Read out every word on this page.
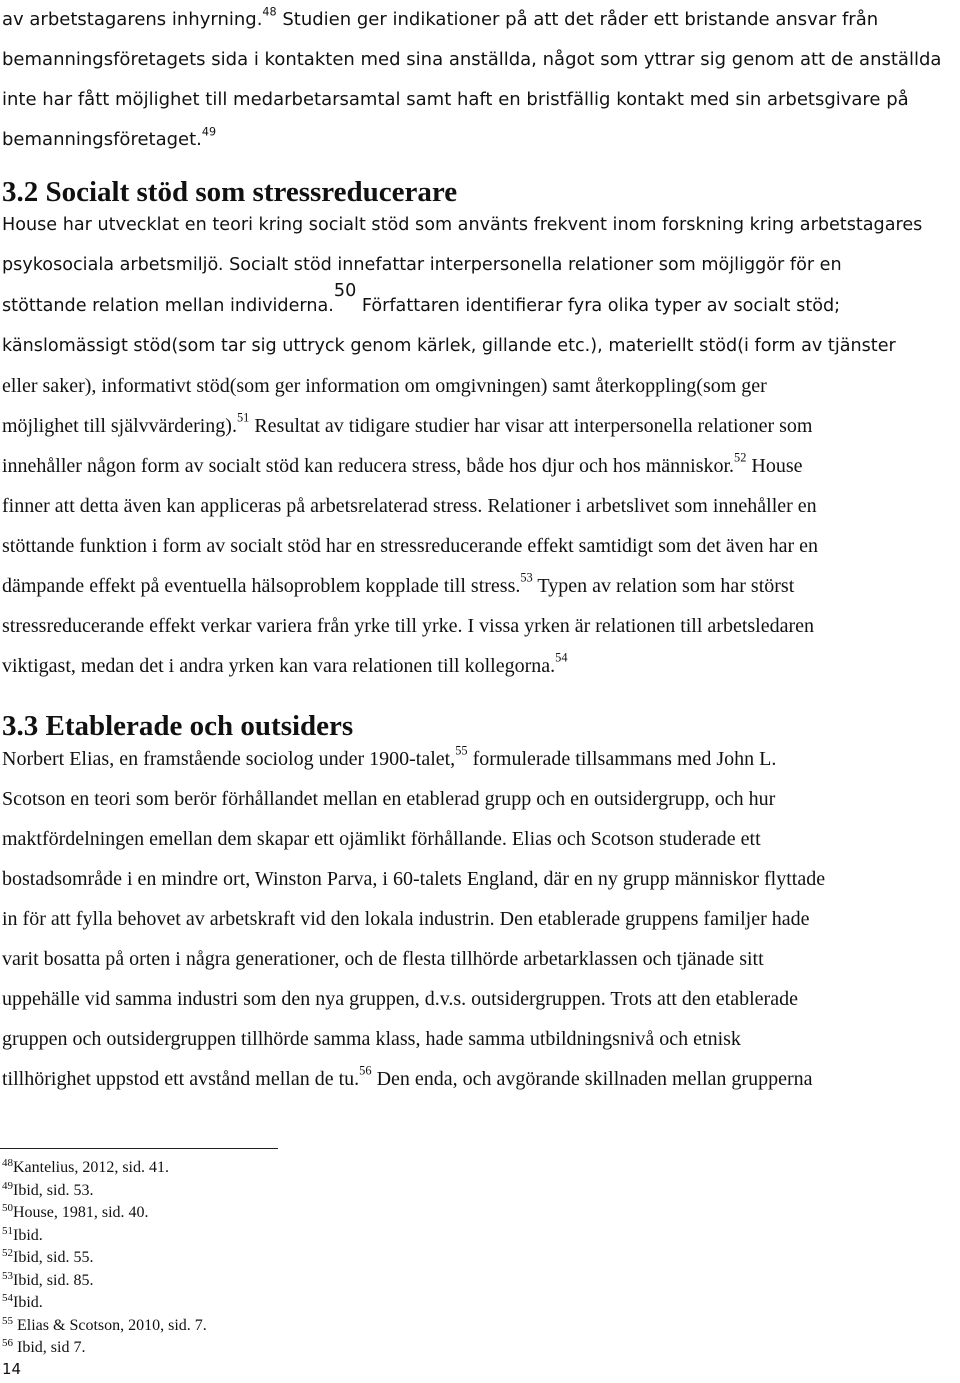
av arbetstagarens inhyrning.$^{48}$ Studien ger indikationer på att det råder ett bristande ansvar från
bemanningsföretagets sida i kontakten med sina anställda, något som yttrar sig genom att de anställda
inte har fått möjlighet till medarbetarsamtal samt haft en bristfällig kontakt med sin arbetsgivare på
bemanningsföretaget.$^{49}$

3.2 Socialt stöd som stressreducerare

House har utvecklat en teori kring socialt stöd som använts frekvent inom forskning kring arbetstagares
psykosociala arbetsmiljö. Socialt stöd innefattar interpersonella relationer som möjliggör för en
stöttande relation mellan individerna.$^{50}$ Författaren identifierar fyra olika typer av socialt stöd;
känslomässigt stöd(som tar sig uttryck genom kärlek, gillande etc.), materiellt stöd(i form av tjänster
eller saker), informativt stöd(som ger information om omgivningen) samt återkoppling(som ger
möjlighet till självvärdering).$^{51}$ Resultat av tidigare studier har visar att interpersonella relationer som
innehåller någon form av socialt stöd kan reducera stress, både hos djur och hos människor.$^{52}$ House
finner att detta även kan appliceras på arbetsrelaterad stress. Relationer i arbetslivet som innehåller en
stöttande funktion i form av socialt stöd har en stressreducerande effekt samtidigt som det även har en
dämpande effekt på eventuella hälsoproblem kopplade till stress.$^{53}$ Typen av relation som har störst
stressreducerande effekt verkar variera från yrke till yrke. I vissa yrken är relationen till arbetsledaren
viktigast, medan det i andra yrken kan vara relationen till kollegorna.$^{54}$

3.3 Etablerade och outsiders

Norbert Elias, en framstående sociolog under 1900-talet,$^{55}$ formulerade tillsammans med John L.
Scotson en teori som berör förhållandet mellan en etablerad grupp och en outsidergrupp, och hur
maktfördelningen emellan dem skapar ett ojämlikt förhållande. Elias och Scotson studerade ett
bostadsområde i en mindre ort, Winston Parva, i 60-talets England, där en ny grupp människor flyttade
in för att fylla behovet av arbetskraft vid den lokala industrin. Den etablerade gruppens familjer hade
varit bosatta på orten i några generationer, och de flesta tillhörde arbetarklassen och tjänade sitt
uppehälle vid samma industri som den nya gruppen, d.v.s. outsidergruppen. Trots att den etablerade
gruppen och outsidergruppen tillhörde samma klass, hade samma utbildningsnivå och etnisk
tillhörighet uppstod ett avstånd mellan de tu.$^{56}$ Den enda, och avgörande skillnaden mellan grupperna

$^{48}$Kantelius, 2012, sid. 41.
$^{49}$Ibid, sid. 53.
$^{50}$House, 1981, sid. 40.
$^{51}$Ibid.
$^{52}$Ibid, sid. 55.
$^{53}$Ibid, sid. 85.
$^{54}$Ibid.
$^{55}$ Elias & Scotson, 2010, sid. 7.
$^{56}$ Ibid, sid 7.
14
